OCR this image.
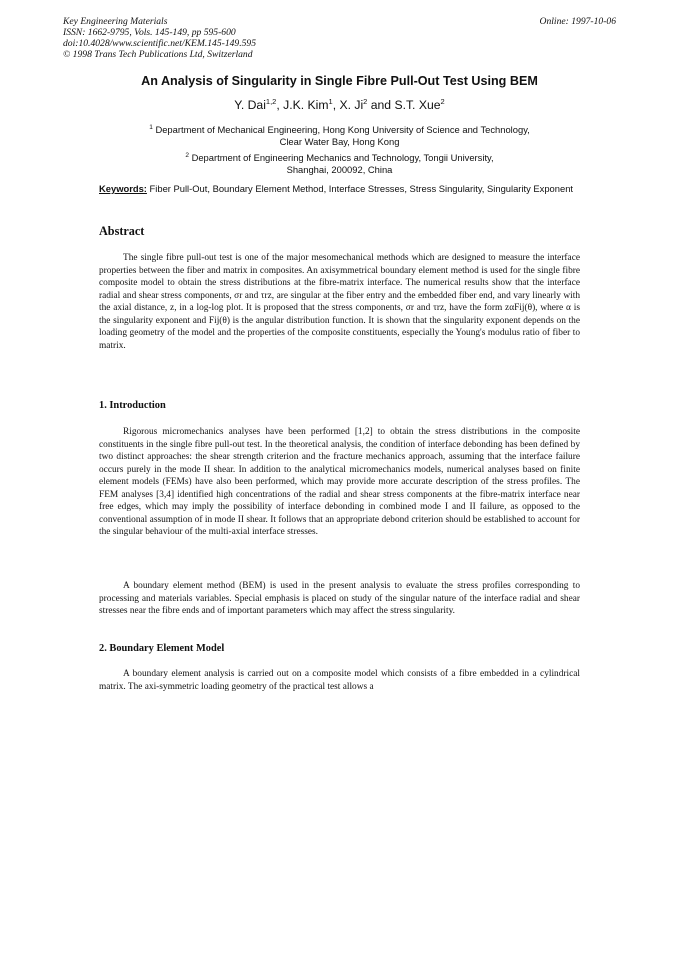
Key Engineering Materials
ISSN: 1662-9795, Vols. 145-149, pp 595-600
doi:10.4028/www.scientific.net/KEM.145-149.595
© 1998 Trans Tech Publications Ltd, Switzerland
Online: 1997-10-06
An Analysis of Singularity in Single Fibre Pull-Out Test Using BEM
Y. Dai$^{1,2}$, J.K. Kim$^1$, X. Ji$^2$ and S.T. Xue$^2$
$^1$ Department of Mechanical Engineering, Hong Kong University of Science and Technology,
Clear Water Bay, Hong Kong
$^2$ Department of Engineering Mechanics and Technology, Tongii University,
Shanghai, 200092, China
Keywords: Fiber Pull-Out, Boundary Element Method, Interface Stresses, Stress Singularity, Singularity Exponent
Abstract

The single fibre pull-out test is one of the major mesomechanical methods which are designed to measure the interface properties between the fiber and matrix in composites. An axisymmetrical boundary element method is used for the single fibre composite model to obtain the stress distributions at the fibre-matrix interface. The numerical results show that the interface radial and shear stress components, σr and τrz, are singular at the fiber entry and the embedded fiber end, and vary linearly with the axial distance, z, in a log-log plot. It is proposed that the stress components, σr and τrz, have the form zαFij(θ), where α is the singularity exponent and Fij(θ) is the angular distribution function. It is shown that the singularity exponent depends on the loading geometry of the model and the properties of the composite constituents, especially the Young's modulus ratio of fiber to matrix.

1. Introduction

Rigorous micromechanics analyses have been performed [1,2] to obtain the stress distributions in the composite constituents in the single fibre pull-out test. In the theoretical analysis, the condition of interface debonding has been defined by two distinct approaches: the shear strength criterion and the fracture mechanics approach, assuming that the interface failure occurs purely in the mode II shear. In addition to the analytical micromechanics models, numerical analyses based on finite element models (FEMs) have also been performed, which may provide more accurate description of the stress profiles. The FEM analyses [3,4] identified high concentrations of the radial and shear stress components at the fibre-matrix interface near free edges, which may imply the possibility of interface debonding in combined mode I and II failure, as opposed to the conventional assumption of in mode II shear. It follows that an appropriate debond criterion should be established to account for the singular behaviour of the multi-axial interface stresses.

A boundary element method (BEM) is used in the present analysis to evaluate the stress profiles corresponding to processing and materials variables. Special emphasis is placed on study of the singular nature of the interface radial and shear stresses near the fibre ends and of important parameters which may affect the stress singularity.

2. Boundary Element Model

A boundary element analysis is carried out on a composite model which consists of a fibre embedded in a cylindrical matrix. The axi-symmetric loading geometry of the practical test allows a
